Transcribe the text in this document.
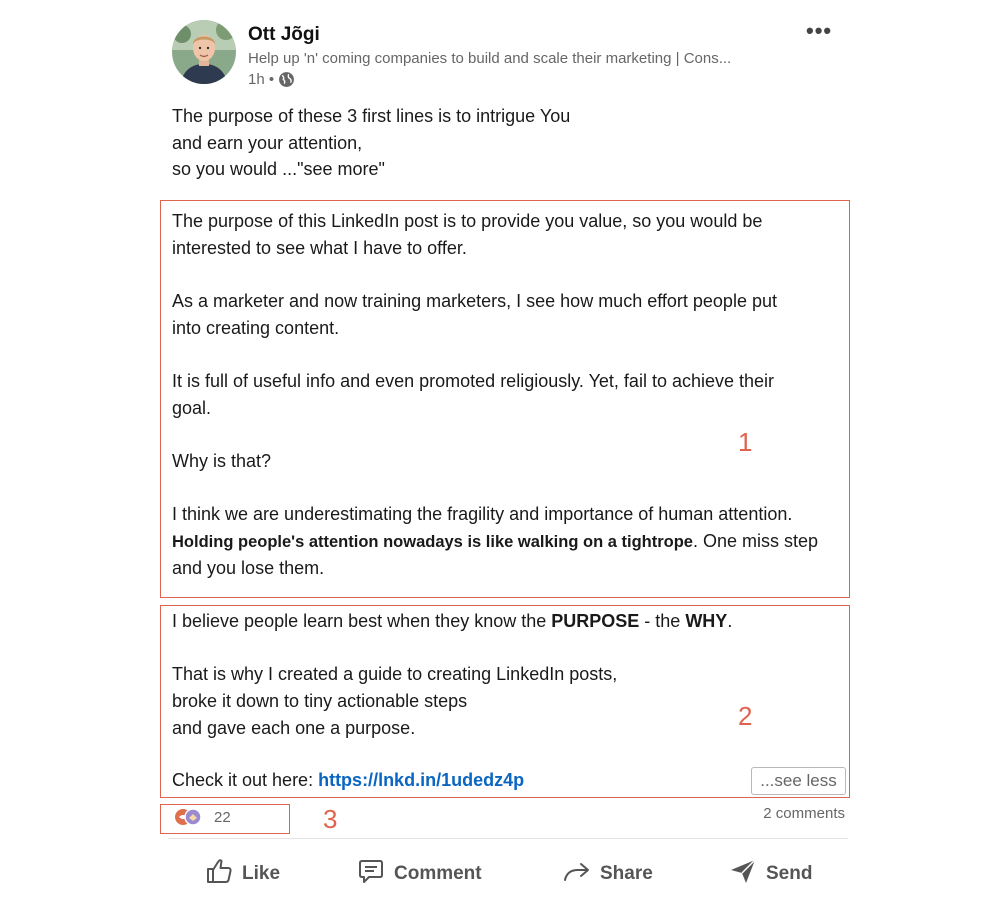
Ott Jõgi
Help up 'n' coming companies to build and scale their marketing | Cons...
1h •
•••
The purpose of these 3 first lines is to intrigue You
and earn your attention,
so you would ..."see more"
The purpose of this LinkedIn post is to provide you value, so you would be
interested to see what I have to offer.
As a marketer and now training marketers, I see how much effort people put
into creating content.
It is full of useful info and even promoted religiously. Yet, fail to achieve their
goal.
Why is that?
I think we are underestimating the fragility and importance of human attention.
Holding people's attention nowadays is like walking on a tightrope. One miss step
and you lose them.
1
I believe people learn best when they know the PURPOSE - the WHY.
That is why I created a guide to creating LinkedIn posts,
broke it down to tiny actionable steps
and gave each one a purpose.
Check it out here: https://lnkd.in/1udedz4p
2
...see less
22	3	2 comments
Like	Comment	Share	Send
